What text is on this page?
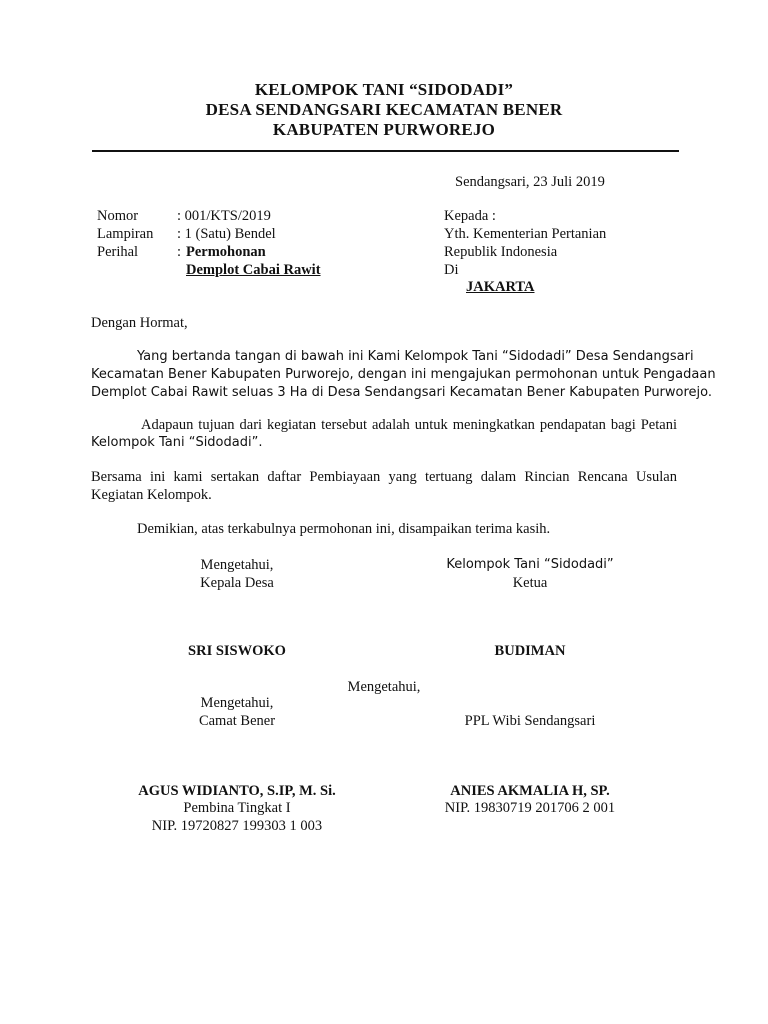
KELOMPOK TANI “SIDODADI”
DESA SENDANGSARI KECAMATAN BENER
KABUPATEN PURWOREJO
Sendangsari, 23 Juli 2019
Nomor	: 001/KTS/2019
Lampiran : 1 (Satu) Bendel
Perihal	: Permohonan
Demplot Cabai Rawit
Kepada :
Yth. Kementerian Pertanian
Republik Indonesia
Di
JAKARTA
Dengan Hormat,
Yang bertanda tangan di bawah ini Kami Kelompok Tani “Sidodadi” Desa Sendangsari
Kecamatan Bener Kabupaten Purworejo, dengan ini mengajukan permohonan untuk Pengadaan
Demplot Cabai Rawit seluas 3 Ha di Desa Sendangsari Kecamatan Bener Kabupaten Purworejo.
Adapaun tujuan dari kegiatan tersebut adalah untuk meningkatkan pendapatan bagi Petani
Kelompok Tani “Sidodadi”.
Bersama ini kami sertakan daftar Pembiayaan yang tertuang dalam Rincian Rencana Usulan
Kegiatan Kelompok.
Demikian, atas terkabulnya permohonan ini, disampaikan terima kasih.
Mengetahui,
Kepala Desa
SRI SISWOKO
Kelompok Tani “Sidodadi”
Ketua
BUDIMAN
Mengetahui,
Mengetahui,
Camat Bener
AGUS WIDIANTO, S.IP, M. Si.
Pembina Tingkat I
NIP. 19720827 199303 1 003
PPL Wibi Sendangsari
ANIES AKMALIA H, SP.
NIP. 19830719 201706 2 001
